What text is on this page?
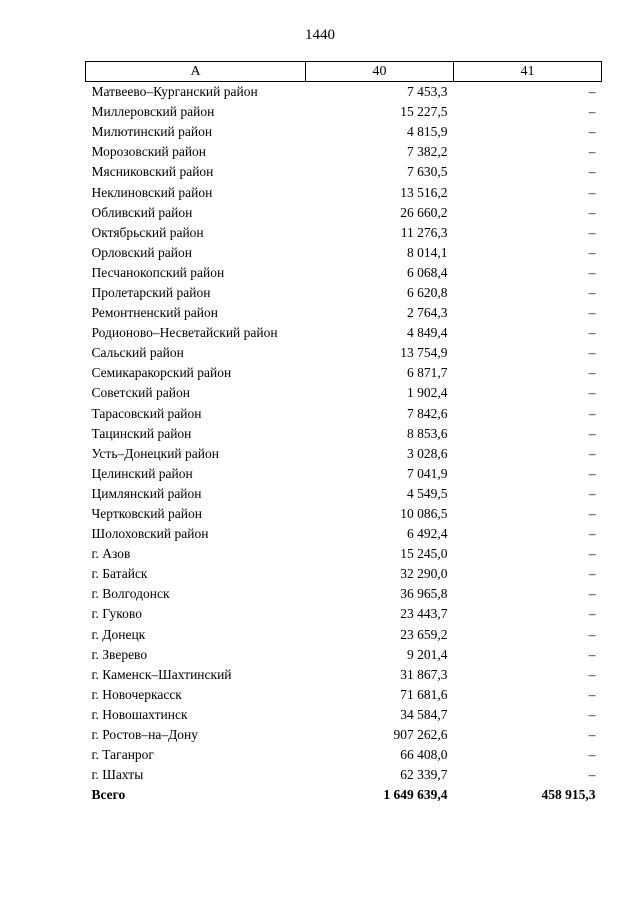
1440
А	40	41
Матвеево–Курганский район	7 453,3	–
Миллеровский район	15 227,5	–
Милютинский район	4 815,9	–
Морозовский район	7 382,2	–
Мясниковский район	7 630,5	–
Неклиновский район	13 516,2	–
Обливский район	26 660,2	–
Октябрьский район	11 276,3	–
Орловский район	8 014,1	–
Песчанокопский район	6 068,4	–
Пролетарский район	6 620,8	–
Ремонтненский район	2 764,3	–
Родионово–Несветайский район	4 849,4	–
Сальский район	13 754,9	–
Семикаракорский район	6 871,7	–
Советский район	1 902,4	–
Тарасовский район	7 842,6	–
Тацинский район	8 853,6	–
Усть–Донецкий район	3 028,6	–
Целинский район	7 041,9	–
Цимлянский район	4 549,5	–
Чертковский район	10 086,5	–
Шолоховский район	6 492,4	–
г. Азов	15 245,0	–
г. Батайск	32 290,0	–
г. Волгодонск	36 965,8	–
г. Гуково	23 443,7	–
г. Донецк	23 659,2	–
г. Зверево	9 201,4	–
г. Каменск–Шахтинский	31 867,3	–
г. Новочеркасск	71 681,6	–
г. Новошахтинск	34 584,7	–
г. Ростов–на–Дону	907 262,6	–
г. Таганрог	66 408,0	–
г. Шахты	62 339,7	–
Всего	1 649 639,4	458 915,3
